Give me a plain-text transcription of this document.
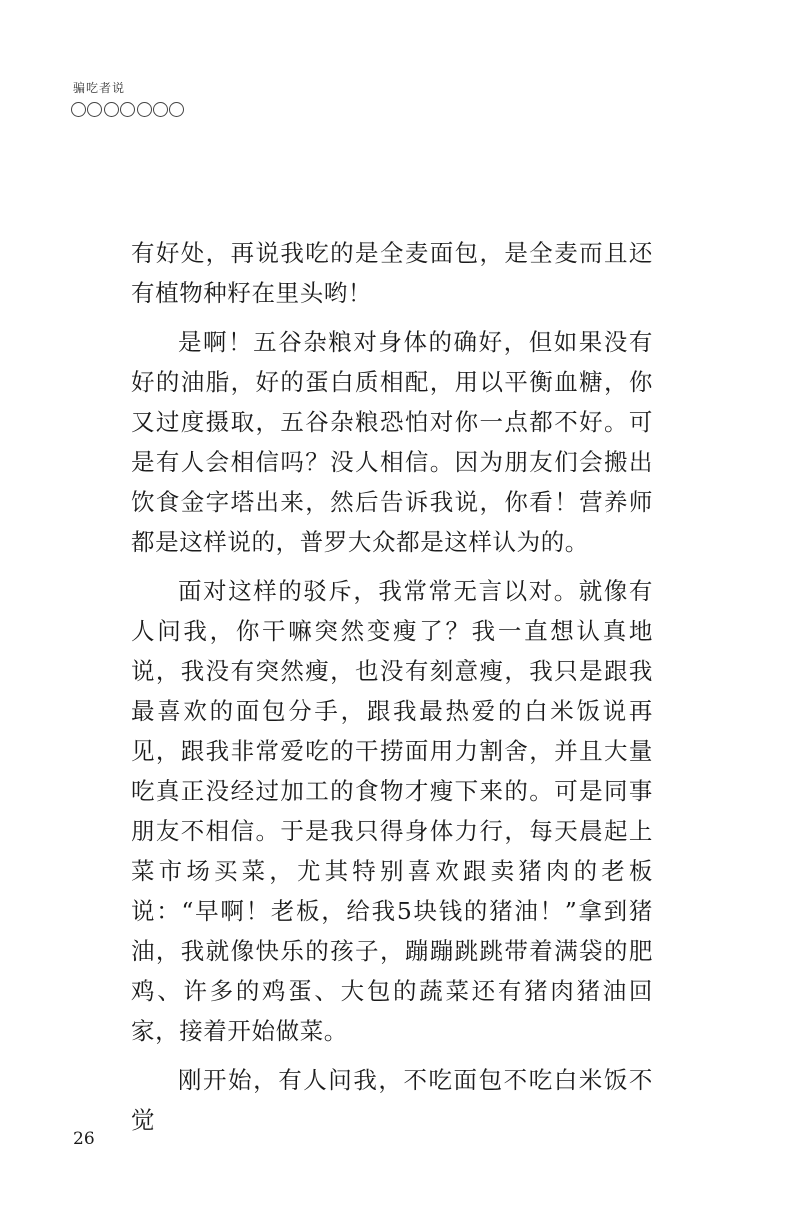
骗吃者说

有好处，再说我吃的是全麦面包，是全麦而且还有植物种籽在里头哟！

是啊！五谷杂粮对身体的确好，但如果没有好的油脂，好的蛋白质相配，用以平衡血糖，你又过度摄取，五谷杂粮恐怕对你一点都不好。可是有人会相信吗？没人相信。因为朋友们会搬出饮食金字塔出来，然后告诉我说，你看！营养师都是这样说的，普罗大众都是这样认为的。

面对这样的驳斥，我常常无言以对。就像有人问我，你干嘛突然变瘦了？我一直想认真地说，我没有突然瘦，也没有刻意瘦，我只是跟我最喜欢的面包分手，跟我最热爱的白米饭说再见，跟我非常爱吃的干捞面用力割舍，并且大量吃真正没经过加工的食物才瘦下来的。可是同事朋友不相信。于是我只得身体力行，每天晨起上菜市场买菜，尤其特别喜欢跟卖猪肉的老板说：“早啊！老板，给我5块钱的猪油！”拿到猪油，我就像快乐的孩子，蹦蹦跳跳带着满袋的肥鸡、许多的鸡蛋、大包的蔬菜还有猪肉猪油回家，接着开始做菜。

刚开始，有人问我，不吃面包不吃白米饭不觉

26
